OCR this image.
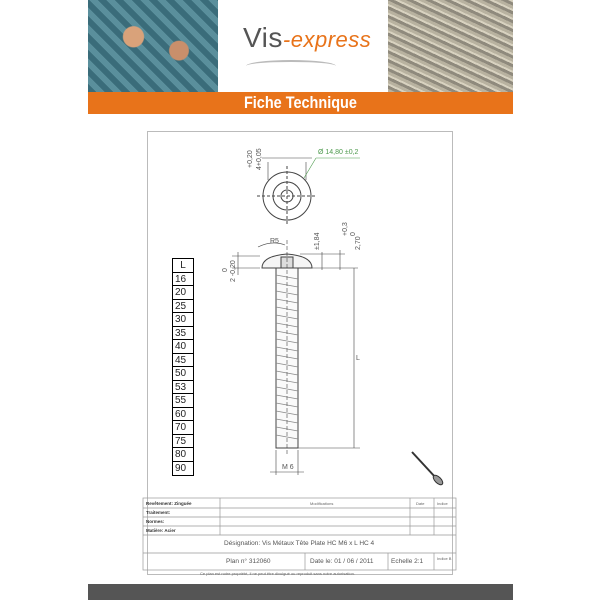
Vis-express
Fiche Technique
+0,20 4+0,05	Ø 14,80 ±0,2
R5
0 2 -0,20
±1,84
+0,3 0
2,70
L
M 6
L
16
20
25
30
35
40
45
50
53
55
60
70
75
80
90
Revêtement: Zinguée
Traitement:
Normes:
Matière: Acier
Modifications	Date	Indice
Désignation: Vis Métaux Tête Plate HC M6 x L HC 4
Plan n° 312060	Date le: 01 / 06 / 2011	Echelle 2:1	Indice B
Ce plan est notre propriété, il ne peut être divulgué ou reproduit sans notre autorisation.
